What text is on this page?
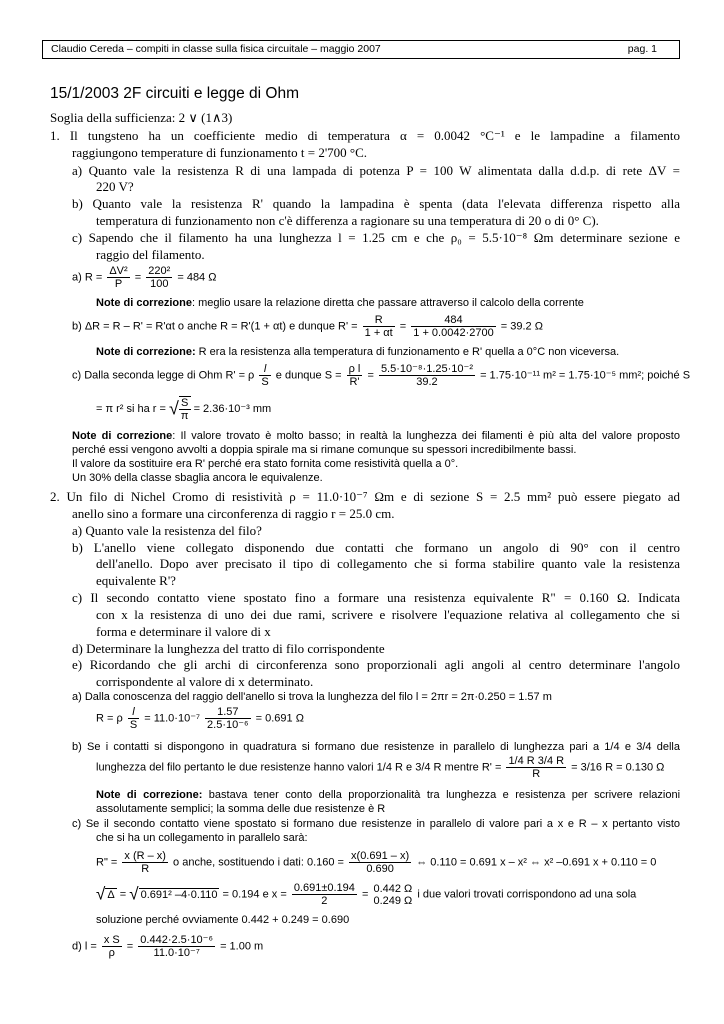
Claudio Cereda – compiti in classe sulla fisica circuitale – maggio 2007	pag. 1
15/1/2003 2F circuiti e legge di Ohm
Soglia della sufficienza: 2 ∨ (1∧3)
1. Il tungsteno ha un coefficiente medio di temperatura α = 0.0042 °C⁻¹ e le lampadine a filamento
raggiungono temperature di funzionamento t = 2'700 °C.
a) Quanto vale la resistenza R di una lampada di potenza P = 100 W alimentata dalla d.d.p. di rete ΔV =
220 V?
b) Quanto vale la resistenza R' quando la lampadina è spenta (data l'elevata differenza rispetto alla
temperatura di funzionamento non c'è differenza a ragionare su una temperatura di 20 o di 0° C).
c) Sapendo che il filamento ha una lunghezza l = 1.25 cm e che ρ₀ = 5.5·10⁻⁸ Ωm determinare sezione e
raggio del filamento.
a) $R = \frac{\text{ΔV²}}{P} = \frac{\text{220²}}{100} = 484$ Ω
Note di correzione: meglio usare la relazione diretta che passare attraverso il calcolo della corrente
b) ΔR = R – R' = R'αt o anche R = R'(1 + αt) e dunque $R' = \frac{R}{1 + \alpha t} = \frac{484}{1 + 0.0042\cdot 2700} = 39.2$ Ω
Note di correzione: R era la resistenza alla temperatura di funzionamento e R' quella a 0°C non viceversa.
c) Dalla seconda legge di Ohm R' = ρ $\frac{l}{S}$ e dunque $S = \frac{\text{ρ l}}{R'} = \frac{\text{5.5·10⁻⁸·1.25·10⁻²}}{39.2} = 1.75\cdot 10^{-11}$ m² = 1.75·10⁻⁵ mm²; poiché S
= π r² si ha r = √ $\frac{S}{\pi} = 2.36\cdot 10^{-3}$ mm
Note di correzione: Il valore trovato è molto basso; in realtà la lunghezza dei filamenti è più alta del valore proposto
perché essi vengono avvolti a doppia spirale ma si rimane comunque su spessori incredibilmente bassi.
Il valore da sostituire era R' perché era stato fornita come resistività quella a 0°.
Un 30% della classe sbaglia ancora le equivalenze.
2. Un filo di Nichel Cromo di resistività ρ = 11.0·10⁻⁷ Ωm e di sezione S = 2.5 mm² può essere piegato ad
anello sino a formare una circonferenza di raggio r = 25.0 cm.
a) Quanto vale la resistenza del filo?
b) L'anello viene collegato disponendo due contatti che formano un angolo di 90° con il centro
dell'anello. Dopo aver precisato il tipo di collegamento che si forma stabilire quanto vale la resistenza
equivalente R'?
c) Il secondo contatto viene spostato fino a formare una resistenza equivalente R" = 0.160 Ω. Indicata
con x la resistenza di uno dei due rami, scrivere e risolvere l'equazione relativa al collegamento che si
forma e determinare il valore di x
d) Determinare la lunghezza del tratto di filo corrispondente
e) Ricordando che gli archi di circonferenza sono proporzionali agli angoli al centro determinare l'angolo
corrispondente al valore di x determinato.
a) Dalla conoscenza del raggio dell'anello si trova la lunghezza del filo l = 2πr = 2π·0.250 = 1.57 m
R = ρ $\frac{l}{S} = 11.0\cdot 10^{-7} \frac{1.57}{\text{2.5·10⁻⁶}} = 0.691$ Ω
b) Se i contatti si dispongono in quadratura si formano due resistenze in parallelo di lunghezza pari a 1/4 e 3/4 della
lunghezza del filo pertanto le due resistenze hanno valori 1/4 R e 3/4 R mentre $R' = \frac{1/4 R 3/4 R}{R} = 3/16$ R = 0.130 Ω
Note di correzione: bastava tener conto della proporzionalità tra lunghezza e resistenza per scrivere relazioni
assolutamente semplici; la somma delle due resistenze è R
c) Se il secondo contatto viene spostato si formano due resistenze in parallelo di valore pari a x e R – x pertanto visto
che si ha un collegamento in parallelo sarà:
R" = $\frac{x (R - x)}{R}$ o anche, sostituendo i dati: $0.160 = \frac{x(0.691 - x)}{0.690}$ ⇔ 0.110 = 0.691 x – x² ⇔ x² –0.691 x + 0.110 = 0
√ Δ = √ 0.691² –4·0.110 = 0.194 e $x = \frac{0.691\pm 0.194}{2} = 0.442$ Ω
0.249 Ω
i due valori trovati corrispondono ad una sola
soluzione perché ovviamente 0.442 + 0.249 = 0.690
d) $l = \frac{\text{x S}}{\rho} = \frac{\text{0.442·2.5·10⁻⁶}}{\text{11.0·10⁻⁷}} = 1.00$ m
